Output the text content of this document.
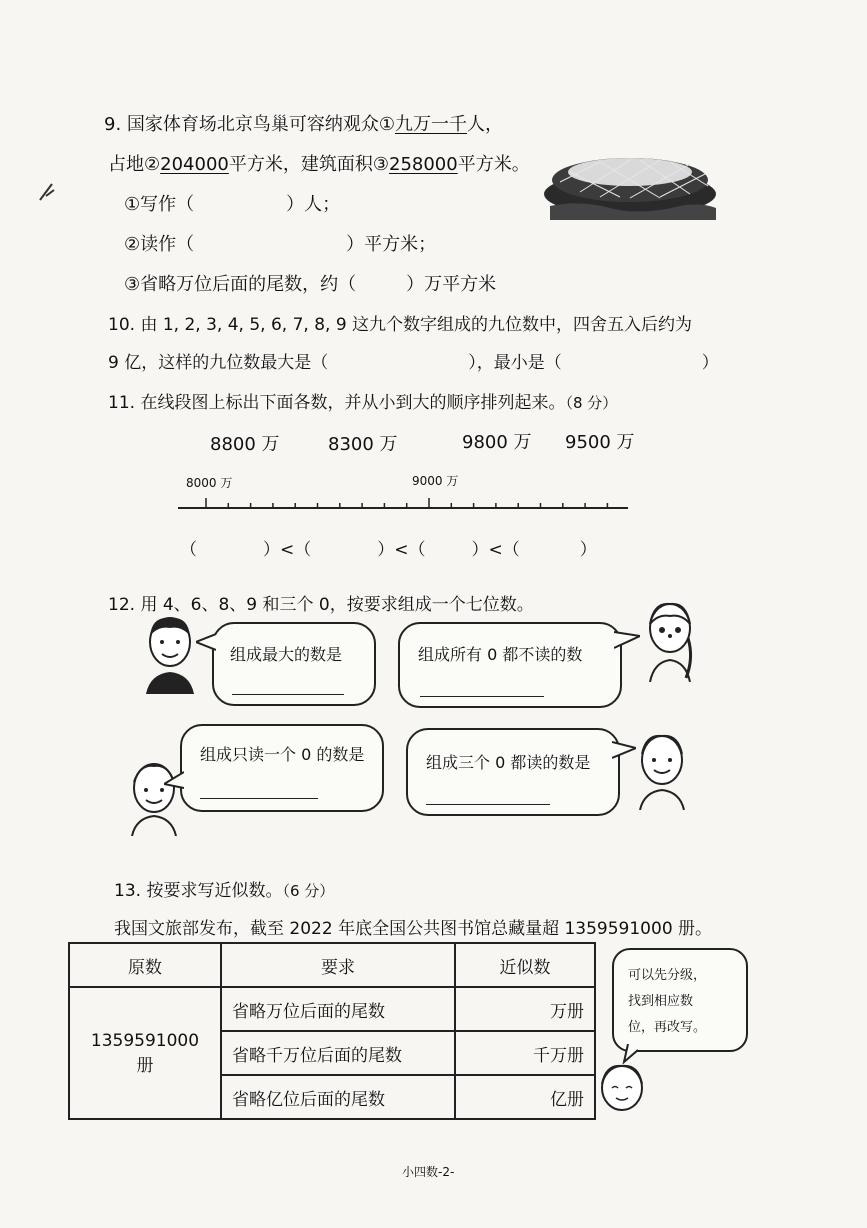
9. 国家体育场北京鸟巢可容纳观众①九万一千人，
占地②204000平方米，建筑面积③258000平方米。
①写作（	）人；
②读作（	）平方米；
③省略万位后面的尾数，约（	）万平方米
10. 由 1, 2, 3, 4, 5, 6, 7, 8, 9 这九个数字组成的九位数中，四舍五入后约为
9 亿，这样的九位数最大是（	），最小是（	）
11. 在线段图上标出下面各数，并从小到大的顺序排列起来。（8 分）
8800 万	8300 万	9800 万 9500 万
8000 万	9000 万
（	）<（	）<（	）<（	）
12. 用 4、6、8、9 和三个 0，按要求组成一个七位数。
组成最大的数是	组成所有 0 都不读的数
组成只读一个 0 的数是	组成三个 0 都读的数是
13. 按要求写近似数。（6 分）
我国文旅部发布，截至 2022 年底全国公共图书馆总藏量超 1359591000 册。
原数	要求	近似数
1359591000 册	省略万位后面的尾数	万册
	省略千万位后面的尾数	千万册
	省略亿位后面的尾数	亿册
可以先分级，
找到相应数
位，再改写。
小四数-2-
